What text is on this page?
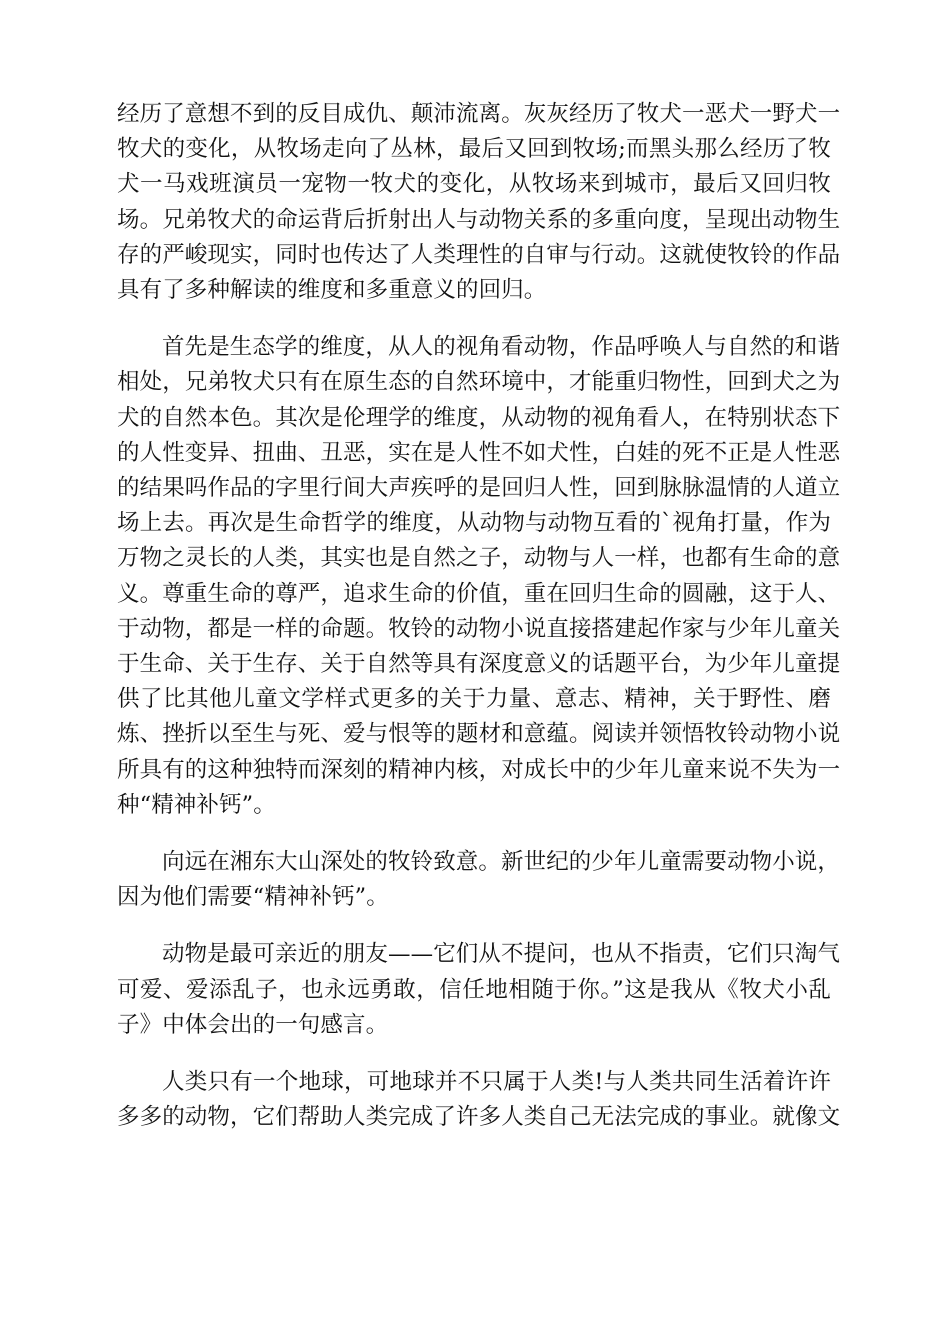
经历了意想不到的反目成仇、颠沛流离。灰灰经历了牧犬一恶犬一野犬一
牧犬的变化，从牧场走向了丛林，最后又回到牧场;而黑头那么经历了牧
犬一马戏班演员一宠物一牧犬的变化，从牧场来到城市，最后又回归牧
场。兄弟牧犬的命运背后折射出人与动物关系的多重向度，呈现出动物生
存的严峻现实，同时也传达了人类理性的自审与行动。这就使牧铃的作品
具有了多种解读的维度和多重意义的回归。

首先是生态学的维度，从人的视角看动物，作品呼唤人与自然的和谐
相处，兄弟牧犬只有在原生态的自然环境中，才能重归物性，回到犬之为
犬的自然本色。其次是伦理学的维度，从动物的视角看人，在特别状态下
的人性变异、扭曲、丑恶，实在是人性不如犬性，白娃的死不正是人性恶
的结果吗作品的字里行间大声疾呼的是回归人性，回到脉脉温情的人道立
场上去。再次是生命哲学的维度，从动物与动物互看的`视角打量，作为
万物之灵长的人类，其实也是自然之子，动物与人一样，也都有生命的意
义。尊重生命的尊严，追求生命的价值，重在回归生命的圆融，这于人、
于动物，都是一样的命题。牧铃的动物小说直接搭建起作家与少年儿童关
于生命、关于生存、关于自然等具有深度意义的话题平台，为少年儿童提
供了比其他儿童文学样式更多的关于力量、意志、精神，关于野性、磨
炼、挫折以至生与死、爱与恨等的题材和意蕴。阅读并领悟牧铃动物小说
所具有的这种独特而深刻的精神内核，对成长中的少年儿童来说不失为一
种“精神补钙”。

向远在湘东大山深处的牧铃致意。新世纪的少年儿童需要动物小说，
因为他们需要“精神补钙”。

动物是最可亲近的朋友——它们从不提问，也从不指责，它们只淘气
可爱、爱添乱子，也永远勇敢，信任地相随于你。”这是我从《牧犬小乱
子》中体会出的一句感言。

人类只有一个地球，可地球并不只属于人类!与人类共同生活着许许
多多的动物，它们帮助人类完成了许多人类自己无法完成的事业。就像文
